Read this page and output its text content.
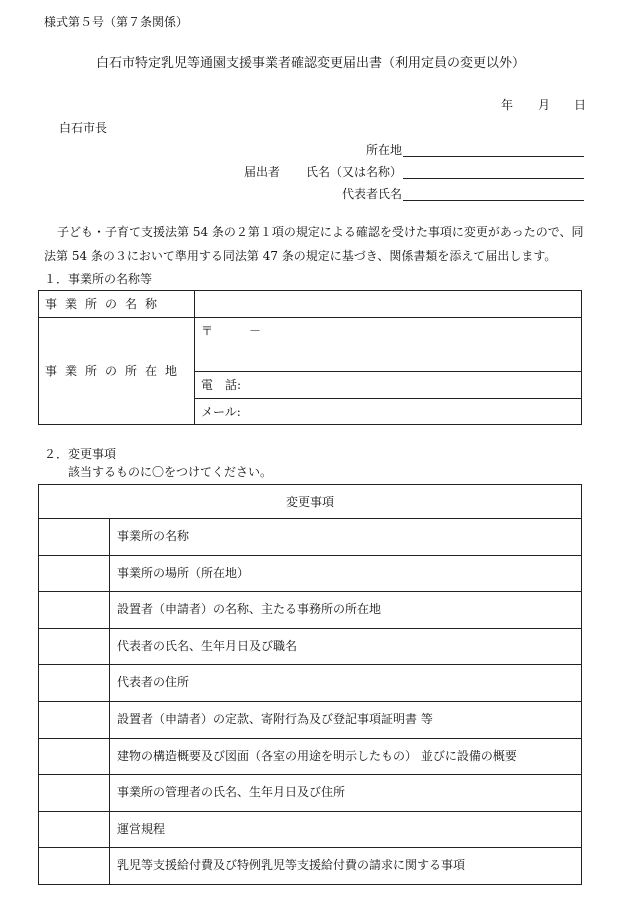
様式第５号（第７条関係）
白石市特定乳児等通園支援事業者確認変更届出書（利用定員の変更以外）
年 月 日
白石市長
所在地
届出者 氏名（又は名称）
代表者氏名
子ども・子育て支援法第 54 条の２第１項の規定による確認を受けた事項に変更があったので、同
法第 54 条の３において準用する同法第 47 条の規定に基づき、関係書類を添えて届出します。
１．事業所の名称等
事業所の名称
事業所の所在地
〒　　　－
電　話:
メール:
２．変更事項
該当するものに〇をつけてください。
変更事項
事業所の名称
事業所の場所（所在地）
設置者（申請者）の名称、主たる事務所の所在地
代表者の氏名、生年月日及び職名
代表者の住所
設置者（申請者）の定款、寄附行為及び登記事項証明書 等
建物の構造概要及び図面（各室の用途を明示したもの） 並びに設備の概要
事業所の管理者の氏名、生年月日及び住所
運営規程
乳児等支援給付費及び特例乳児等支援給付費の請求に関する事項
